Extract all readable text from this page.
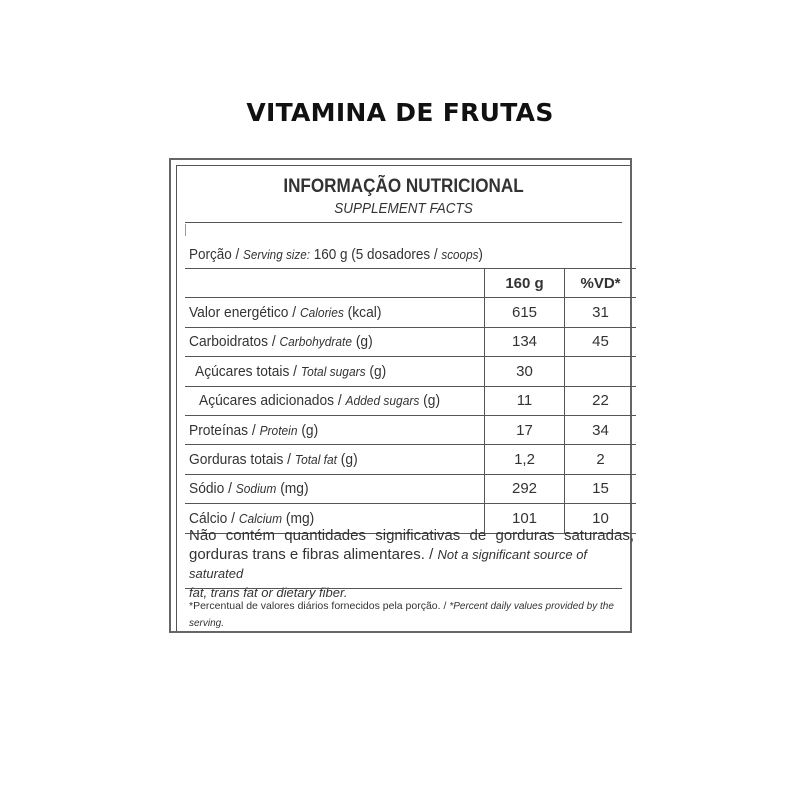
VITAMINA DE FRUTAS
INFORMAÇÃO NUTRICIONAL
SUPPLEMENT FACTS
Porção / Serving size: 160 g (5 dosadores / scoops)
	160 g	%VD*
Valor energético / Calories (kcal)	615	31
Carboidratos / Carbohydrate (g)	134	45
Açúcares totais / Total sugars (g)	30	
Açúcares adicionados / Added sugars (g)	11	22
Proteínas / Protein (g)	17	34
Gorduras totais / Total fat (g)	1,2	2
Sódio / Sodium (mg)	292	15
Cálcio / Calcium (mg)	101	10
Não contém quantidades significativas de gorduras saturadas,
gorduras trans e fibras alimentares. / Not a significant source of saturated
fat, trans fat or dietary fiber.
*Percentual de valores diários fornecidos pela porção. / *Percent daily values provided by the serving.
